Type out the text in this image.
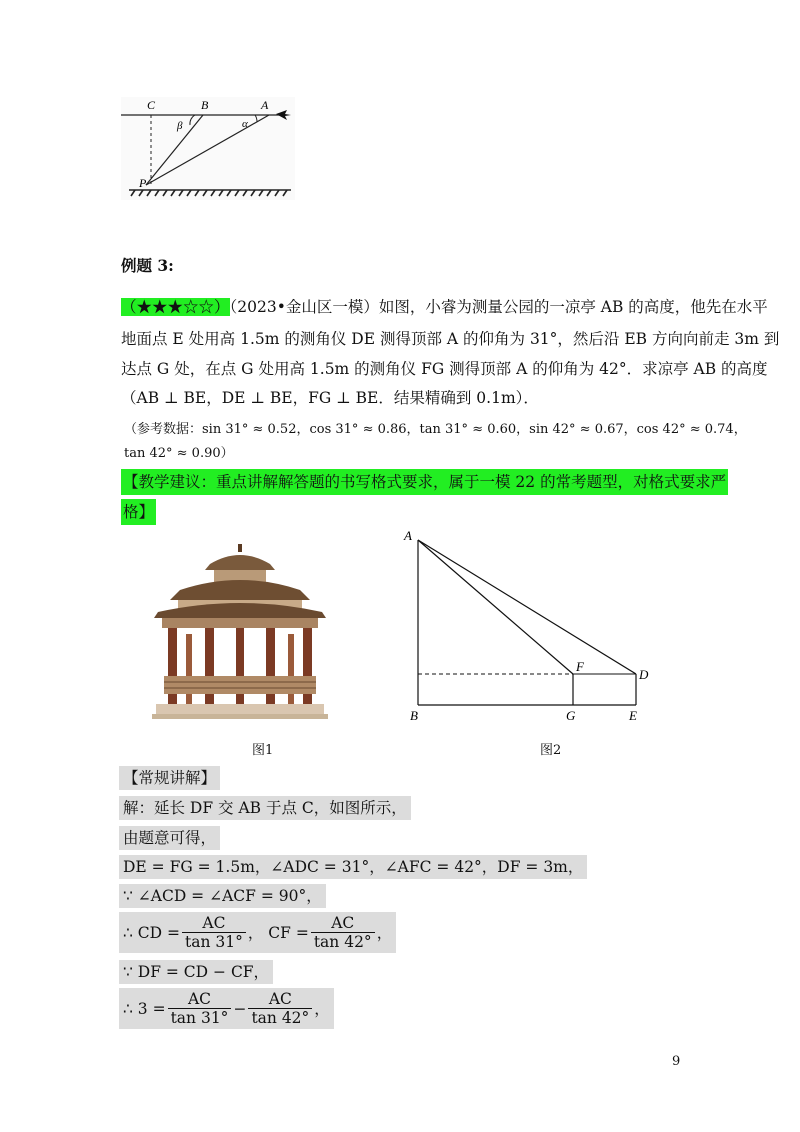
C	B	A
P
β	α
例题 3:
（★★★☆☆）（2023•金山区一模）如图，小睿为测量公园的一凉亭 AB 的高度，他先在水平
地面点 E 处用高 1.5m 的测角仪 DE 测得顶部 A 的仰角为 31°，然后沿 EB 方向向前走 3m 到
达点 G 处，在点 G 处用高 1.5m 的测角仪 FG 测得顶部 A 的仰角为 42°．求凉亭 AB 的高度
（AB ⊥ BE，DE ⊥ BE，FG ⊥ BE．结果精确到 0.1m）．
（参考数据：sin 31° ≈ 0.52，cos 31° ≈ 0.86，tan 31° ≈ 0.60，sin 42° ≈ 0.67，cos 42° ≈ 0.74，
tan 42° ≈ 0.90）
【教学建议：重点讲解解答题的书写格式要求，属于一模 22 的常考题型，对格式要求严
格】
图1
A
F
D
B	G	E
图2
【常规讲解】
解：延长 DF 交 AB 于点 C，如图所示，
由题意可得，
DE = FG = 1.5m，∠ADC = 31°，∠AFC = 42°，DF = 3m，
∵ ∠ACD = ∠ACF = 90°，
∴ CD = $\frac{AC}{\tan 31^\circ}$ ， CF = $\frac{AC}{\tan 42^\circ}$ ，
∵ DF = CD − CF，
∴ $3 = \frac{AC}{\tan 31^\circ} - \frac{AC}{\tan 42^\circ}$ ，
9
